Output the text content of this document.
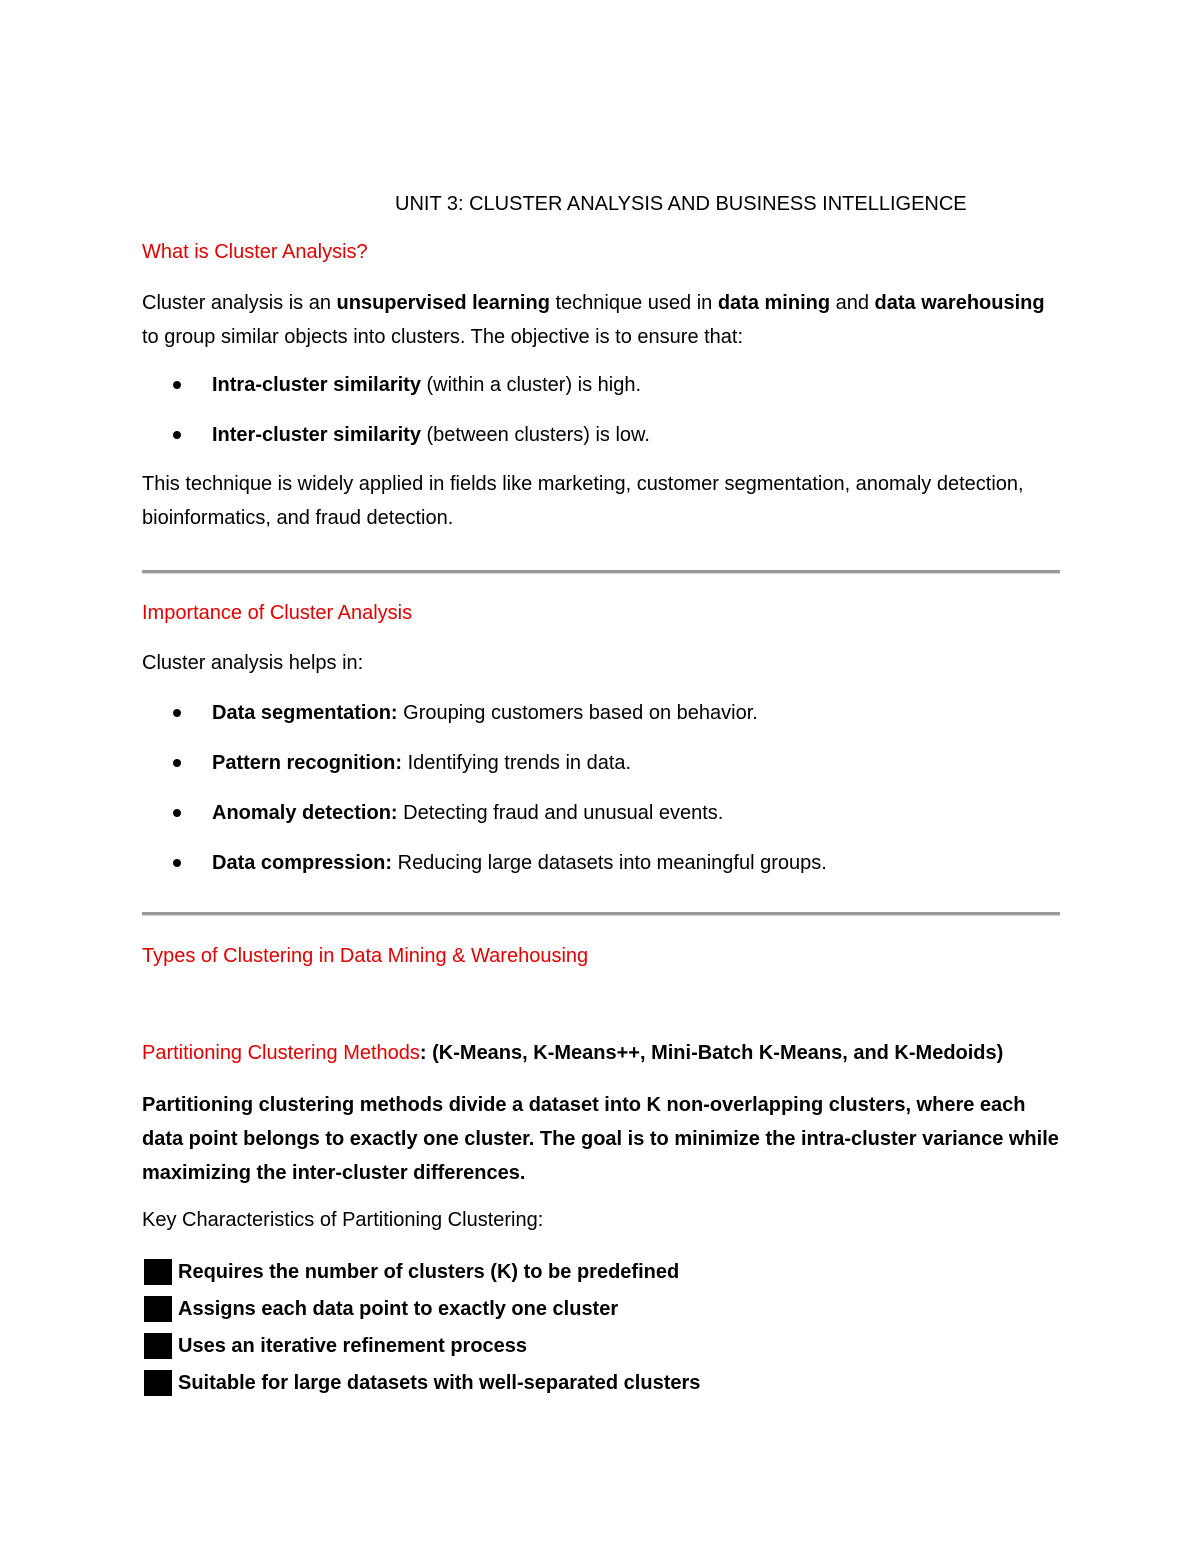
UNIT 3: CLUSTER ANALYSIS AND BUSINESS INTELLIGENCE
What is Cluster Analysis?
Cluster analysis is an unsupervised learning technique used in data mining and data warehousing to group similar objects into clusters. The objective is to ensure that:
Intra-cluster similarity (within a cluster) is high.
Inter-cluster similarity (between clusters) is low.
This technique is widely applied in fields like marketing, customer segmentation, anomaly detection, bioinformatics, and fraud detection.
Importance of Cluster Analysis
Cluster analysis helps in:
Data segmentation: Grouping customers based on behavior.
Pattern recognition: Identifying trends in data.
Anomaly detection: Detecting fraud and unusual events.
Data compression: Reducing large datasets into meaningful groups.
Types of Clustering in Data Mining & Warehousing
Partitioning Clustering Methods: (K-Means, K-Means++, Mini-Batch K-Means, and K-Medoids)
Partitioning clustering methods divide a dataset into K non-overlapping clusters, where each data point belongs to exactly one cluster. The goal is to minimize the intra-cluster variance while maximizing the inter-cluster differences.
Key Characteristics of Partitioning Clustering:
Requires the number of clusters (K) to be predefined
Assigns each data point to exactly one cluster
Uses an iterative refinement process
Suitable for large datasets with well-separated clusters
